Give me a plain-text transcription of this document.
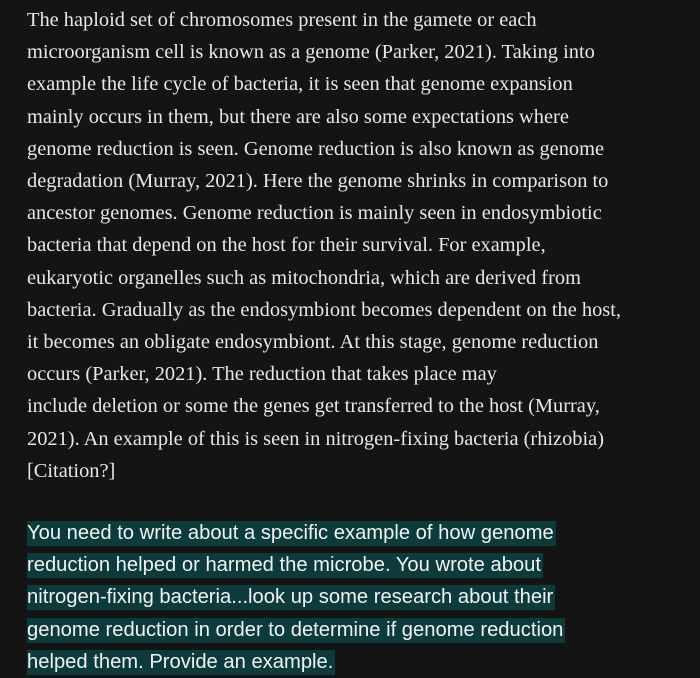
The haploid set of chromosomes present in the gamete or each
microorganism cell is known as a genome (Parker, 2021). Taking into
example the life cycle of bacteria, it is seen that genome expansion
mainly occurs in them, but there are also some expectations where
genome reduction is seen. Genome reduction is also known as genome
degradation (Murray, 2021). Here the genome shrinks in comparison to
ancestor genomes. Genome reduction is mainly seen in endosymbiotic
bacteria that depend on the host for their survival. For example,
eukaryotic organelles such as mitochondria, which are derived from
bacteria. Gradually as the endosymbiont becomes dependent on the host,
it becomes an obligate endosymbiont. At this stage, genome reduction
occurs (Parker, 2021). The reduction that takes place may
include deletion or some the genes get transferred to the host (Murray,
2021). An example of this is seen in nitrogen-fixing bacteria (rhizobia)
[Citation?]

You need to write about a specific example of how genome
reduction helped or harmed the microbe. You wrote about
nitrogen-fixing bacteria...look up some research about their
genome reduction in order to determine if genome reduction
helped them. Provide an example.
